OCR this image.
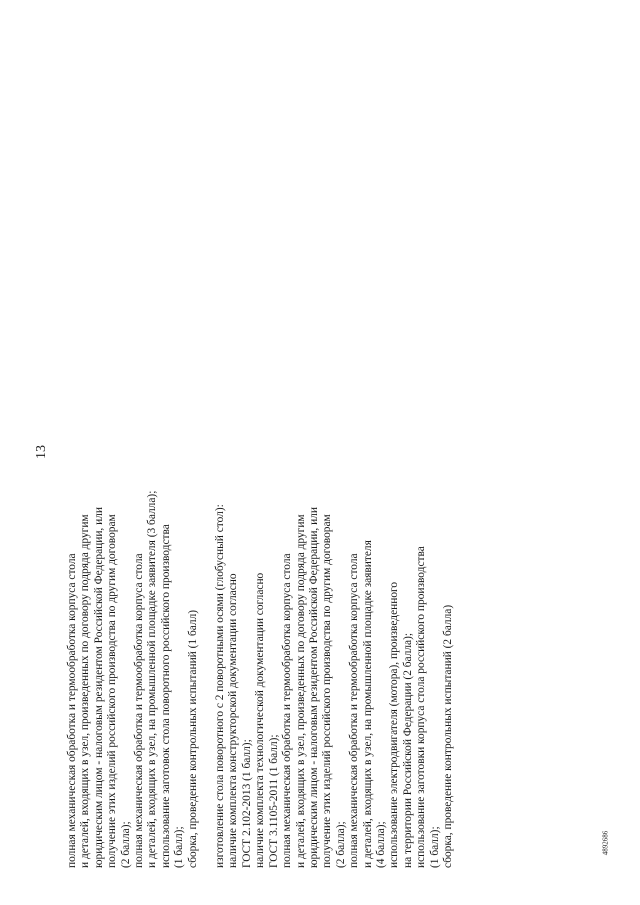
13
полная механическая обработка и термообработка корпуса стола и деталей, входящих в узел, произведенных по договору подряда другим юридическим лицом - налоговым резидентом Российской Федерации, или получение этих изделий российского производства по другим договорам (2 балла); полная механическая обработка и термообработка корпуса стола и деталей, входящих в узел, на промышленной площадке заявителя (3 балла); использование заготовок стола поворотного российского производства (1 балл); сборка, проведение контрольных испытаний (1 балл) изготовление стола поворотного с 2 поворотными осями (глобусный стол): наличие комплекта конструкторской документации согласно ГОСТ 2.102-2013 (1 балл); наличие комплекта технологической документации согласно ГОСТ 3.1105-2011 (1 балл); полная механическая обработка и термообработка корпуса стола и деталей, входящих в узел, произведенных по договору подряда другим юридическим лицом - налоговым резидентом Российской Федерации, или получение этих изделий российского производства по другим договорам (2 балла); полная механическая обработка и термообработка корпуса стола и деталей, входящих в узел, на промышленной площадке заявителя (4 балла); использование электродвигателя (мотора), произведенного на территории Российской Федерации (2 балла); использование заготовки корпуса стола российского производства (1 балл); сборка, проведение контрольных испытаний (2 балла)	4892686
